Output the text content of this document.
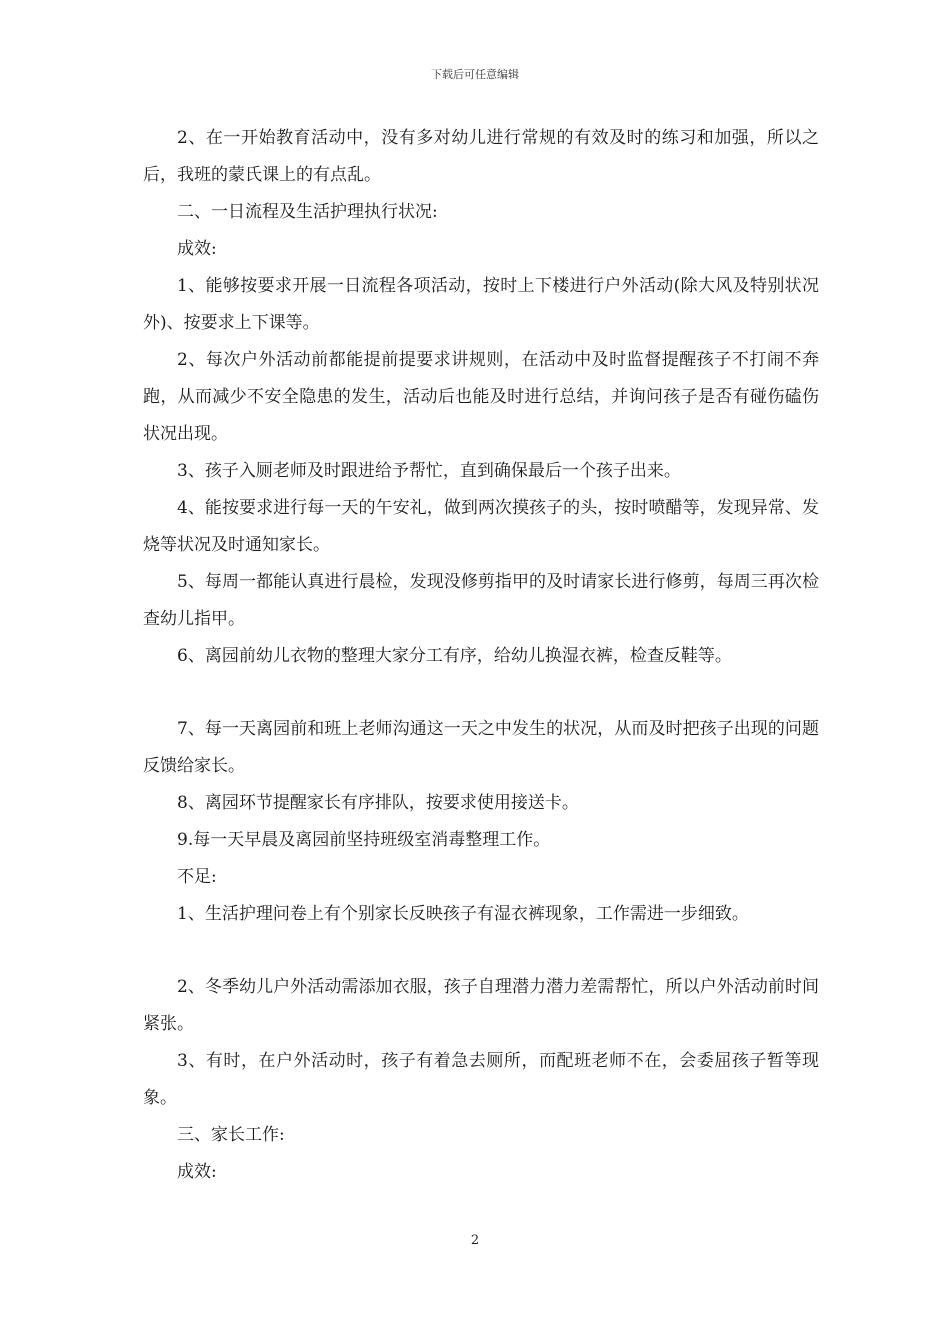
下载后可任意编辑

2、在一开始教育活动中，没有多对幼儿进行常规的有效及时的练习和加强，所以之后，我班的蒙氏课上的有点乱。

二、一日流程及生活护理执行状况:

成效:

1、能够按要求开展一日流程各项活动，按时上下楼进行户外活动(除大风及特别状况外)、按要求上下课等。

2、每次户外活动前都能提前提要求讲规则，在活动中及时监督提醒孩子不打闹不奔跑，从而减少不安全隐患的发生，活动后也能及时进行总结，并询问孩子是否有碰伤磕伤状况出现。

3、孩子入厕老师及时跟进给予帮忙，直到确保最后一个孩子出来。

4、能按要求进行每一天的午安礼，做到两次摸孩子的头，按时喷醋等，发现异常、发烧等状况及时通知家长。

5、每周一都能认真进行晨检，发现没修剪指甲的及时请家长进行修剪，每周三再次检查幼儿指甲。

6、离园前幼儿衣物的整理大家分工有序，给幼儿换湿衣裤，检查反鞋等。

7、每一天离园前和班上老师沟通这一天之中发生的状况，从而及时把孩子出现的问题反馈给家长。

8、离园环节提醒家长有序排队，按要求使用接送卡。

9.每一天早晨及离园前坚持班级室消毒整理工作。

不足:

1、生活护理问卷上有个别家长反映孩子有湿衣裤现象，工作需进一步细致。

2、冬季幼儿户外活动需添加衣服，孩子自理潜力潜力差需帮忙，所以户外活动前时间紧张。

3、有时，在户外活动时，孩子有着急去厕所，而配班老师不在，会委屈孩子暂等现象。

三、家长工作:

成效:

2
